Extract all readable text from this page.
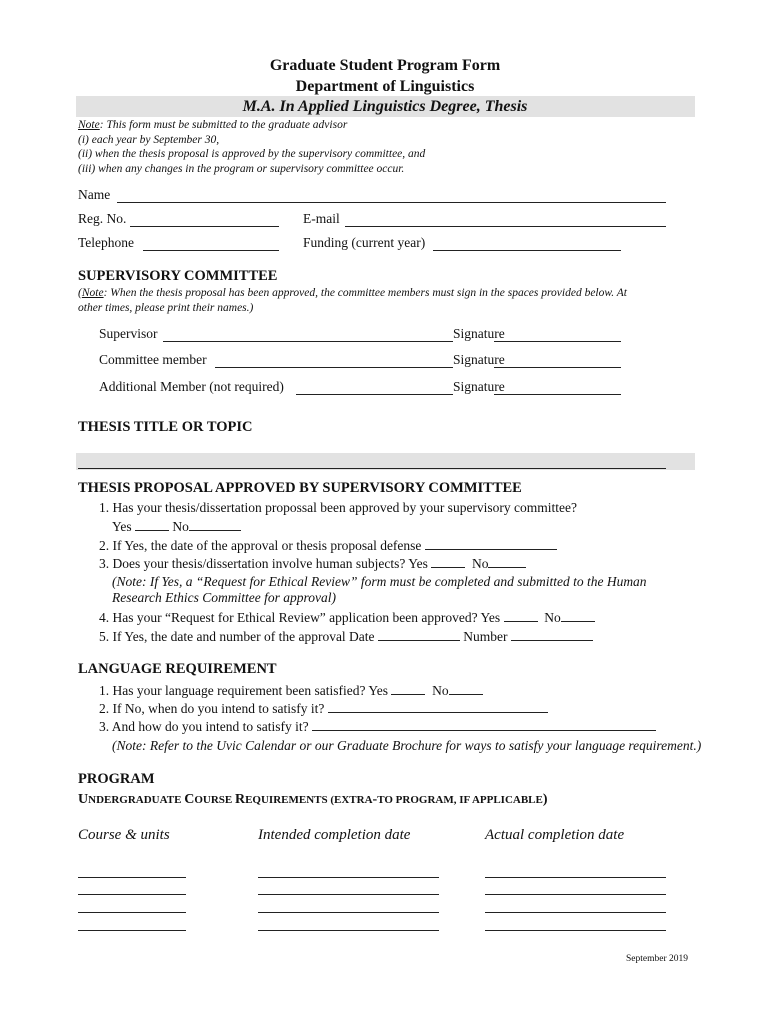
Graduate Student Program Form
Department of Linguistics
M.A. In Applied Linguistics Degree, Thesis
Note: This form must be submitted to the graduate advisor
(i) each year by September 30,
(ii) when the thesis proposal is approved by the supervisory committee, and
(iii) when any changes in the program or supervisory committee occur.
Name
Reg. No.	E-mail
Telephone	Funding (current year)
SUPERVISORY COMMITTEE
(Note: When the thesis proposal has been approved, the committee members must sign in the spaces provided below. At
other times, please print their names.)
Supervisor	Signature
Committee member	Signature
Additional Member (not required)	Signature
THESIS TITLE OR TOPIC
THESIS PROPOSAL APPROVED BY SUPERVISORY COMMITTEE
1. Has your thesis/dissertation propossal been approved by your supervisory committee?
Yes	No
2. If Yes, the date of the approval or thesis proposal defense
3. Does your thesis/dissertation involve human subjects? Yes	No
(Note: If Yes, a “Request for Ethical Review” form must be completed and submitted to the Human
Research Ethics Committee for approval)
4. Has your “Request for Ethical Review” application been approved? Yes	No
5. If Yes, the date and number of the approval Date	Number
LANGUAGE REQUIREMENT
1. Has your language requirement been satisfied? Yes	No
2. If No, when do you intend to satisfy it?
3. And how do you intend to satisfy it?
(Note: Refer to the Uvic Calendar or our Graduate Brochure for ways to satisfy your language requirement.)
PROGRAM
UNDERGRADUATE COURSE REQUIREMENTS (EXTRA-TO PROGRAM, IF APPLICABLE)
Course & units	Intended completion date	Actual completion date
September 2019
